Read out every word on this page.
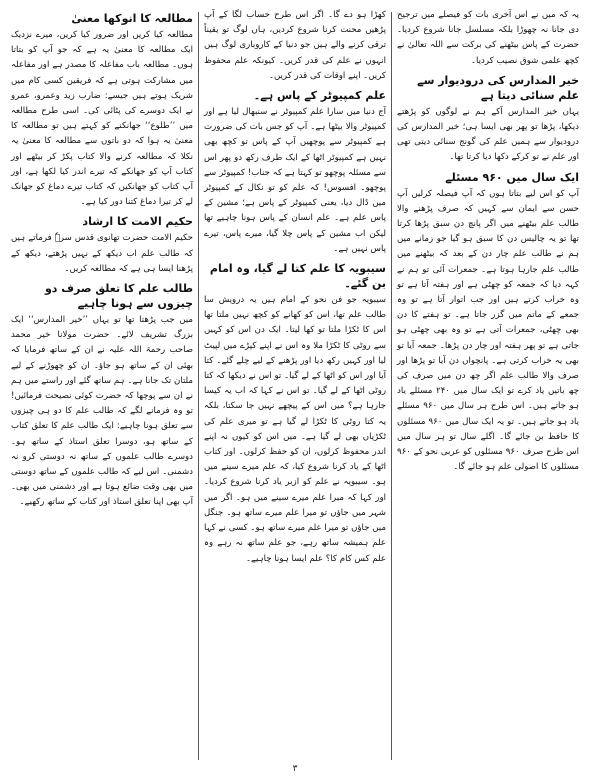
یہ کہ میں نے اس آخری بات کو فیصلے میں ترجیح دی جانا نہ چھوڑا بلکہ مسلسل جانا شروع کردیا۔ حضرت کے پاس بیٹھنے کی برکت سے اللہ تعالیٰ نے کچھ علمی شوق نصیب کردیا۔

خیر المدارس کی درودیوار سے علم سنائی دیتا ہے

یہاں خیر المدارس آکے ہم نے لوگوں کو پڑھتے دیکھا، پڑھا تو پھر بھی ایسا ہی؛ خیر المدارس کی درودیوار سے ہمیں علم کی گونج سنائی دیتی تھی اور علم نے تو کرکے دکھا دیا کرتا تھا۔

ایک سال میں ۹۶۰ مسئلے

آپ کو اس لیے بتاتا ہوں کہ آپ فیصلہ کرلیں آپ حسن سے ایمان سے کہیں کہ صرف پڑھنے والا طالب علم بیٹھنے میں اگر پانچ دن سبق پڑھا کرتا تھا تو یہ چالیس دن کا سبق ہو گیا جو زمانے میں ہم نے طالب علم چار دن کے بعد کہ بیٹھنے میں طالب علم جارہا ہوتا ہے۔ جمعرات آئی تو ہم نے کہہ دیا کہ جمعہ کو چھٹی ہے اور ہفتہ آتا ہے تو وہ خراب کرتے ہیں اور جب اتوار آتا ہے تو وہ جمعے کے ماتم میں گزر جاتا ہے۔ تو ہفتے کا دن بھی چھٹی، جمعرات آتی ہے تو وہ بھی چھٹی ہو جاتی ہے تو پھر ہفتہ اور چار دن پڑھا۔ جمعہ آیا تو بھی یہ خراب کرتی ہے۔ پانچواں دن آیا تو پڑھا اور صرف والا طالب علم اگر چھ دن میں صرف کی چھ باتیں یاد کرے تو ایک سال میں ۲۴۰ مسئلے یاد ہو جاتے ہیں۔ اس طرح ہر سال میں ۹۶۰ مسئلے یاد ہو جاتے ہیں۔ تو یہ ایک سال میں ۹۶۰ مسئلوں کا حافظ بن جائے گا۔ اگلے سال تو ہر سال میں اس طرح صرف ۹۶۰ مسئلوں کو عربی نحو کے ۹۶۰ مسئلوں کا اصولی علم ہو جائے گا۔

کھڑا ہو دے گا۔ اگر اس طرح حساب لگا کے آپ پڑھیں محنت کرنا شروع کردیں، ہاں لوگ تو یقیناً ترقی کرنے والے ہیں جو دنیا کے کاروباری لوگ ہیں انہوں نے علم کی قدر کریں۔ کیونکہ علم محفوظ کریں۔ اپنے اوقات کی قدر کریں۔

علم کمپیوٹر کے پاس ہے۔

آج دنیا میں سارا علم کمپیوٹر نے سنبھال لیا ہے اور کمپیوٹر والا بیٹھا ہے۔ آپ کو جس بات کی ضرورت ہے کمپیوٹر سے پوچھیں آپ کے پاس تو کچھ بھی نہیں ہے کمپیوٹر اٹھا کے ایک طرف رکھ دو پھر اس سے مسئلہ پوچھو تو کہتا ہے کہ جناب! کمپیوٹر سے پوچھو۔ افسوس! کہ علم کو تو نکال کے کمپیوٹر میں ڈال دیا، یعنی کمپیوٹر کے پاس ہے؛ مشین کے پاس علم ہے۔ علم انسان کے پاس ہونا چاہیے تھا لیکن اب مشین کے پاس چلا گیا، میرے پاس، تیرے پاس نہیں ہے۔

سیبویہ کا علم کتا لے گیا، وہ امام بن گئے۔

سیبویہ جو فن نحو کے امام ہیں یہ درویش سا طالب علم تھا، اس کو کھانے کو کچھ نہیں ملتا تھا اس کا ٹکڑا ملتا تو کھا لیتا۔ ایک دن اس کو کہیں سے روٹی کا ٹکڑا ملا وہ اس نے اپنے کپڑے میں لپیٹ لیا اور کہیں رکھ دیا اور پڑھنے کے لیے چلے گئے۔ کتا آیا اور اس کو اٹھا کے لے گیا۔ تو اس نے دیکھا کہ کتا روٹی اٹھا کے لے گیا۔ تو اس نے کہا کہ اب یہ کیسا جارہا ہے؟ میں اس کے پیچھے نہیں جا سکتا، بلکہ یہ کتا روٹی کا ٹکڑا لے گیا ہے تو میری علم کی ٹکڑیاں بھی لے گیا ہے۔ میں اس کو کیوں نہ اپنے اندر محفوظ کرلوں، ان کو حفظ کرلوں۔ اور کتاب اٹھا کے یاد کرنا شروع کیا، کہ علم میرے سینے میں ہو۔ سیبویہ نے علم کو ازبر یاد کرنا شروع کردیا۔ اور کہا کہ میرا علم میرے سینے میں ہو۔ اگر میں شہر میں جاؤں تو میرا علم میرے ساتھ ہو۔ جنگل میں جاؤں تو میرا علم میرے ساتھ ہو۔ کسی نے کہا علم ہمیشہ ساتھ رہے، جو علم ساتھ نہ رہے وہ علم کس کام کا؟ علم ایسا ہونا چاہیے۔

مطالعہ کا انوکھا معنیٰ

مطالعہ کیا کریں اور ضرور کیا کریں، میرے نزدیک ایک مطالعہ کا معنیٰ یہ ہے کہ جو آپ کو بتاتا ہوں۔ مطالعہ باب مفاعلہ کا مصدر ہے اور مفاعلہ میں مشارکت ہوتی ہے کہ فریقین کسی کام میں شریک ہوتے ہیں جیسے: ضارب زید وعمرو، عمرو نے ایک دوسرے کی پٹائی کی۔ اسی طرح مطالعہ میں ’’طلوع‘‘ جھانکنے کو کہتے ہیں تو مطالعہ کا معنیٰ یہ ہوا کہ دو باتوں سے مطالعہ کا معنیٰ یہ نکلا کہ مطالعہ کرنے والا کتاب پکڑ کر بیٹھے اور کتاب آپ کو جھانکے کہ تیرے اندر کیا لکھا ہے، اور آپ کتاب کو جھانکیں کہ کتاب تیرے دماغ کو جھانک لے کر تیرا دماغ کتنا دور کیا ہے۔

حکیم الامت کا ارشاد

حکیم الامت حضرت تھانوی قدس سرہٗ فرماتے ہیں کہ طالب علم اب دیکھ کے نہیں پڑھتے، دیکھ کے پڑھنا ایسا ہی ہے کہ مطالعہ کریں۔

طالب علم کا تعلق صرف دو چیزوں سے ہونا چاہیے

میں جب پڑھتا تھا تو یہاں ’’خیر المدارس‘‘ ایک بزرگ تشریف لائے۔ حضرت مولانا خیر محمد صاحب رحمۃ اللہ علیہ نے ان کے ساتھ فرمایا کہ بھئی ان کے ساتھ ہو جاؤ۔ ان کو چھوڑنے کے لیے ملتان تک جانا ہے۔ ہم ساتھ گئے اور راستے میں ہم نے ان سے پوچھا کہ حضرت کوئی نصیحت فرمائیں! تو وہ فرمانے لگے کہ طالب علم کا دو ہی چیزوں سے تعلق ہونا چاہیے: ایک طالب علم کا تعلق کتاب کے ساتھ ہو، دوسرا تعلق استاذ کے ساتھ ہو۔ دوسرے طالب علموں کے ساتھ نہ دوستی کرو نہ دشمنی۔ اس لیے کہ طالب علموں کے ساتھ دوستی میں بھی وقت ضائع ہوتا ہے اور دشمنی میں بھی۔ آپ بھی اپنا تعلق استاذ اور کتاب کے ساتھ رکھیے۔

۳
